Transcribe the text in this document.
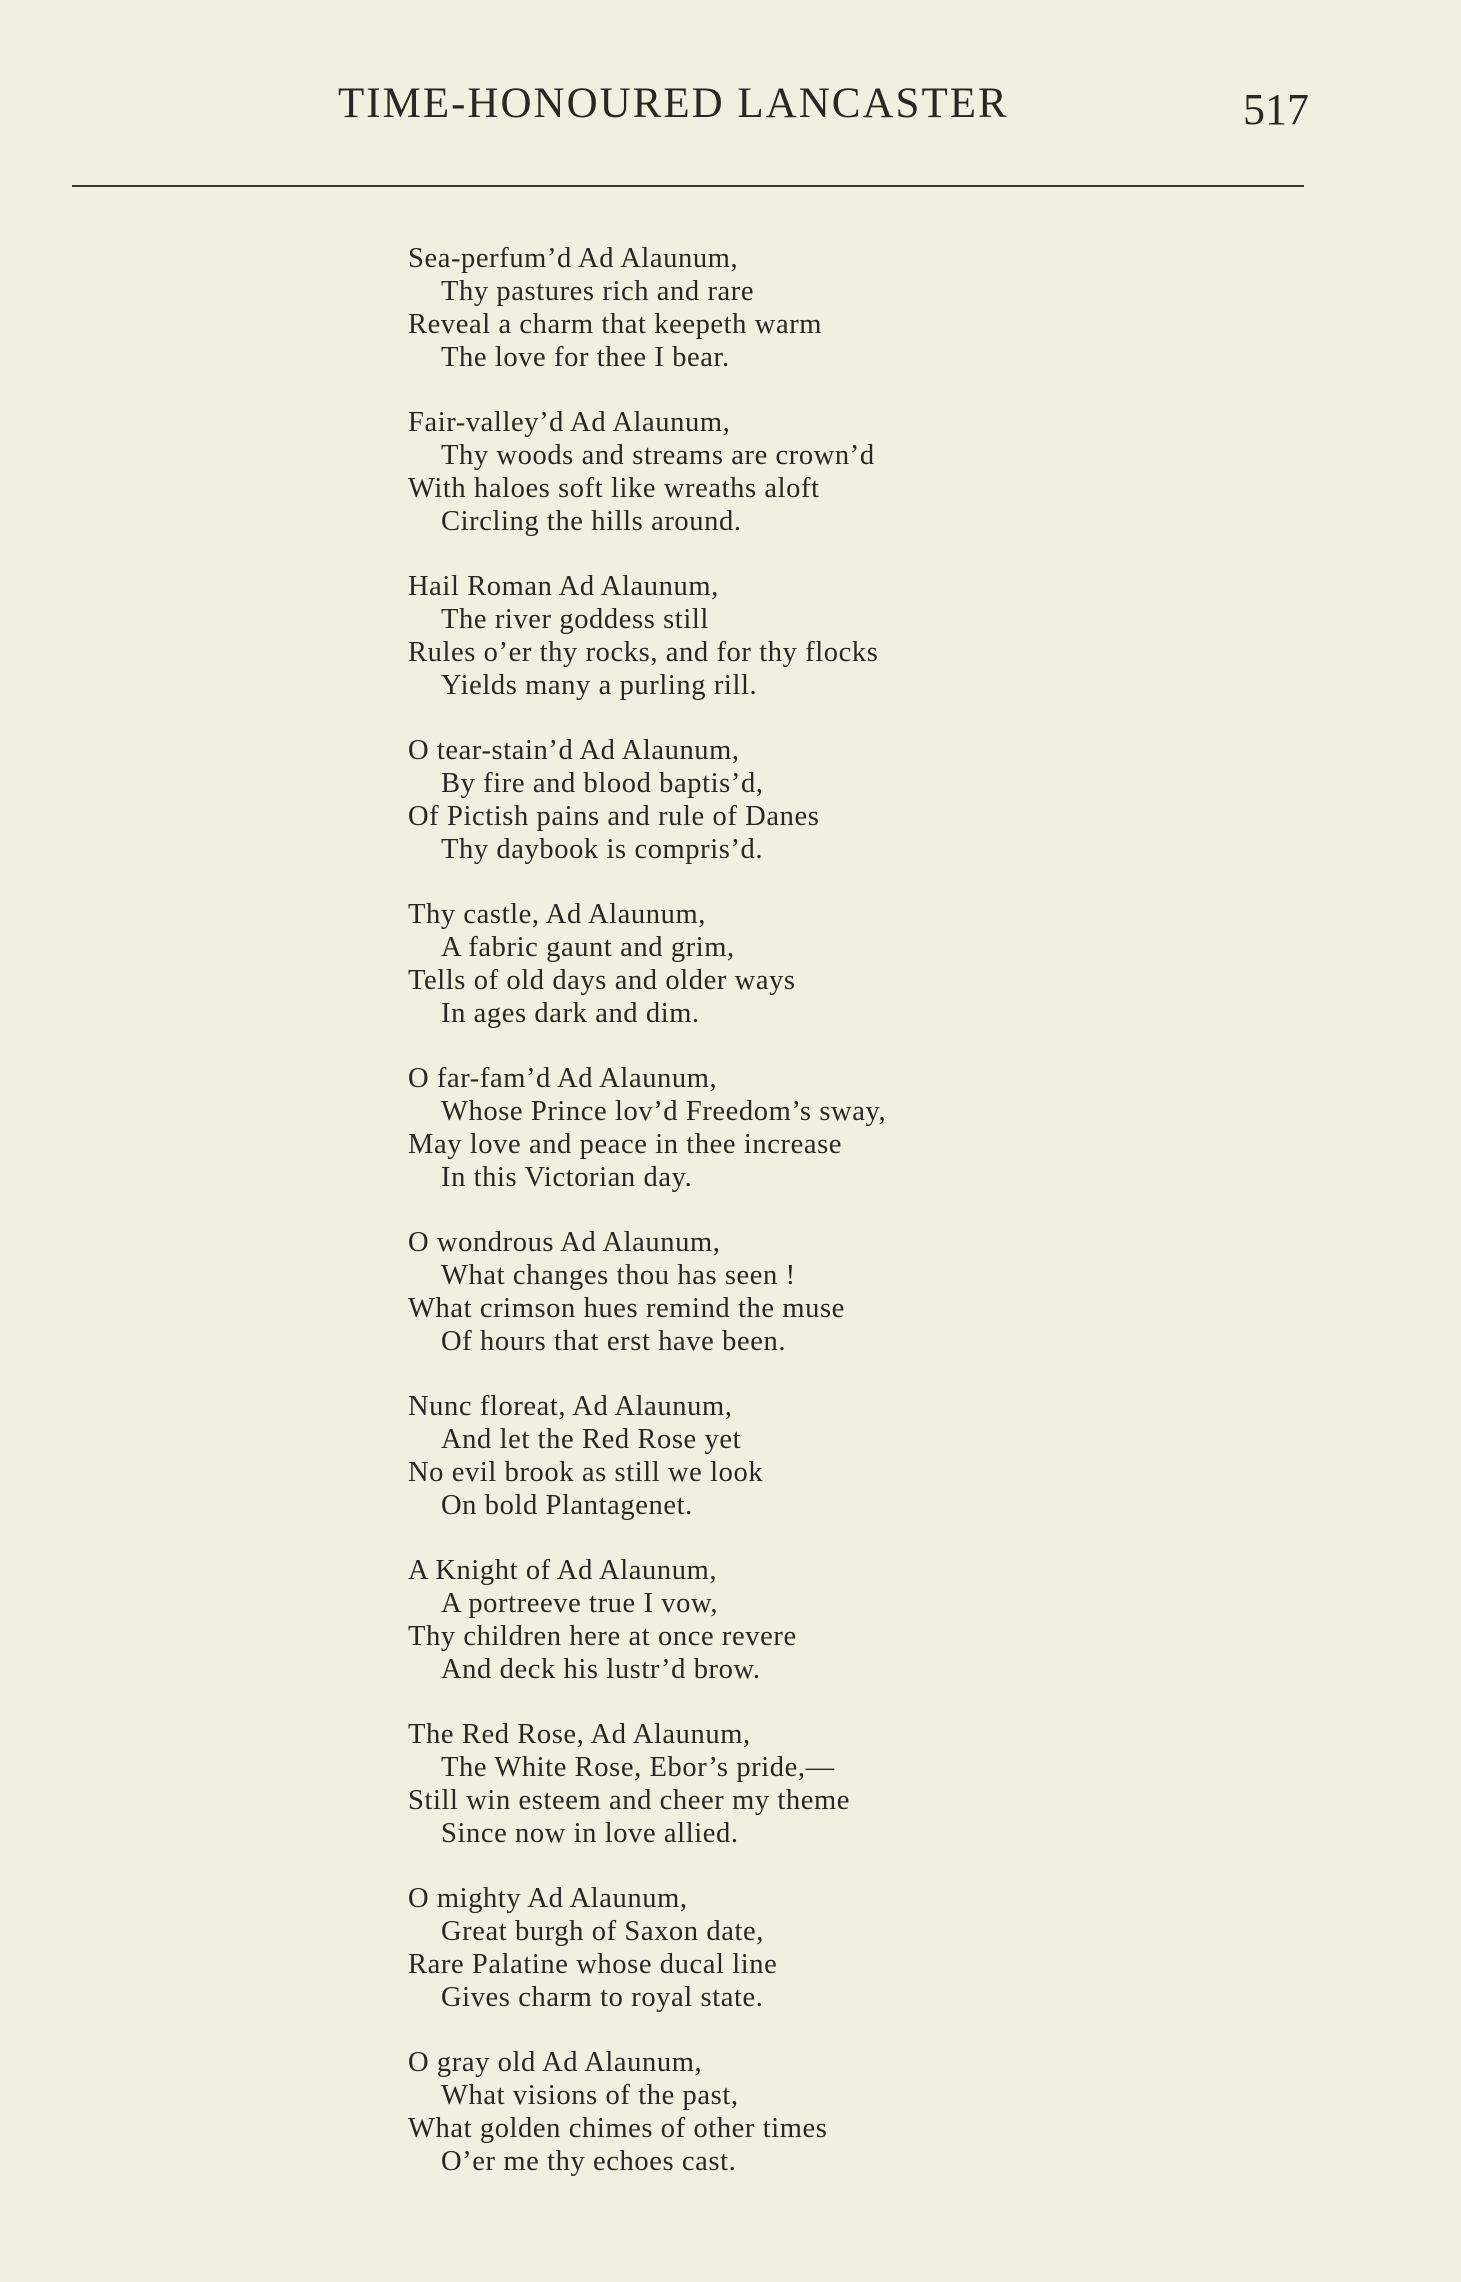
TIME-HONOURED LANCASTER	517
Sea-perfum’d Ad Alaunum,
Thy pastures rich and rare
Reveal a charm that keepeth warm
The love for thee I bear.
Fair-valley’d Ad Alaunum,
Thy woods and streams are crown’d
With haloes soft like wreaths aloft
Circling the hills around.
Hail Roman Ad Alaunum,
The river goddess still
Rules o’er thy rocks, and for thy flocks
Yields many a purling rill.
O tear-stain’d Ad Alaunum,
By fire and blood baptis’d,
Of Pictish pains and rule of Danes
Thy daybook is compris’d.
Thy castle, Ad Alaunum,
A fabric gaunt and grim,
Tells of old days and older ways
In ages dark and dim.
O far-fam’d Ad Alaunum,
Whose Prince lov’d Freedom’s sway,
May love and peace in thee increase
In this Victorian day.
O wondrous Ad Alaunum,
What changes thou has seen !
What crimson hues remind the muse
Of hours that erst have been.
Nunc floreat, Ad Alaunum,
And let the Red Rose yet
No evil brook as still we look
On bold Plantagenet.
A Knight of Ad Alaunum,
A portreeve true I vow,
Thy children here at once revere
And deck his lustr’d brow.
The Red Rose, Ad Alaunum,
The White Rose, Ebor’s pride,—
Still win esteem and cheer my theme
Since now in love allied.
O mighty Ad Alaunum,
Great burgh of Saxon date,
Rare Palatine whose ducal line
Gives charm to royal state.
O gray old Ad Alaunum,
What visions of the past,
What golden chimes of other times
O’er me thy echoes cast.
